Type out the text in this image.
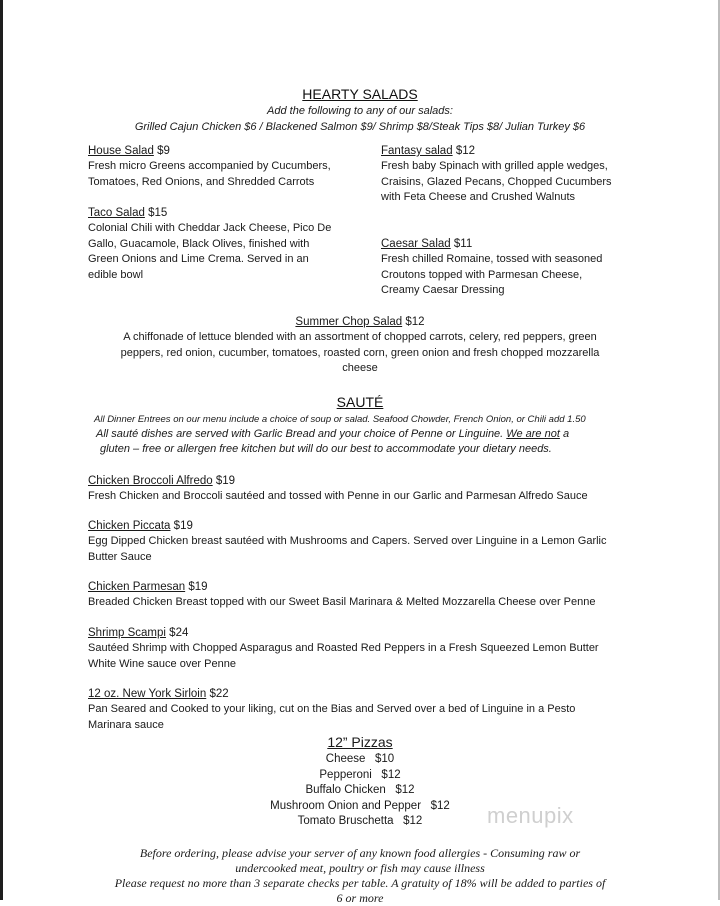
HEARTY SALADS
Add the following to any of our salads:
Grilled Cajun Chicken $6 / Blackened Salmon $9/ Shrimp $8/Steak Tips $8/ Julian Turkey $6
House Salad $9
Fresh micro Greens accompanied by Cucumbers,
Tomatoes, Red Onions, and Shredded Carrots
Fantasy salad $12
Fresh baby Spinach with grilled apple wedges,
Craisins, Glazed Pecans, Chopped Cucumbers
with Feta Cheese and Crushed Walnuts
Taco Salad $15
Colonial Chili with Cheddar Jack Cheese, Pico De
Gallo, Guacamole, Black Olives, finished with
Green Onions and Lime Crema. Served in an
edible bowl
Caesar Salad $11
Fresh chilled Romaine, tossed with seasoned
Croutons topped with Parmesan Cheese,
Creamy Caesar Dressing
Summer Chop Salad $12
A chiffonade of lettuce blended with an assortment of chopped carrots, celery, red peppers, green
peppers, red onion, cucumber, tomatoes, roasted corn, green onion and fresh chopped mozzarella
cheese
SAUTÉ
All Dinner Entrees on our menu include a choice of soup or salad. Seafood Chowder, French Onion, or Chili add 1.50
All sauté dishes are served with Garlic Bread and your choice of Penne or Linguine. We are not a
gluten – free or allergen free kitchen but will do our best to accommodate your dietary needs.
Chicken Broccoli Alfredo $19
Fresh Chicken and Broccoli sautéed and tossed with Penne in our Garlic and Parmesan Alfredo Sauce
Chicken Piccata $19
Egg Dipped Chicken breast sautéed with Mushrooms and Capers. Served over Linguine in a Lemon Garlic
Butter Sauce
Chicken Parmesan $19
Breaded Chicken Breast topped with our Sweet Basil Marinara & Melted Mozzarella Cheese over Penne
Shrimp Scampi $24
Sautéed Shrimp with Chopped Asparagus and Roasted Red Peppers in a Fresh Squeezed Lemon Butter
White Wine sauce over Penne
12 oz. New York Sirloin $22
Pan Seared and Cooked to your liking, cut on the Bias and Served over a bed of Linguine in a Pesto
Marinara sauce
12” Pizzas
Cheese $10
Pepperoni $12
Buffalo Chicken $12
Mushroom Onion and Pepper $12
Tomato Bruschetta $12	menupix
Before ordering, please advise your server of any known food allergies - Consuming raw or
undercooked meat, poultry or fish may cause illness
Please request no more than 3 separate checks per table. A gratuity of 18% will be added to parties of
6 or more
